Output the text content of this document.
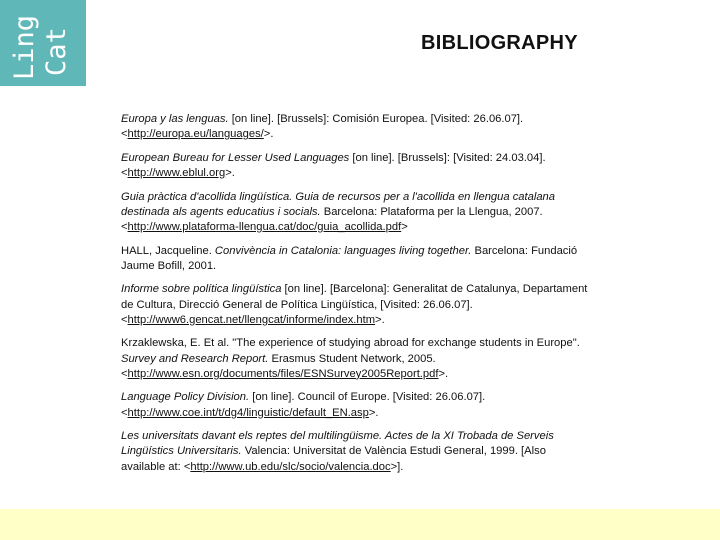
Ling Cat	BIBLIOGRAPHY

Europa y las lenguas. [on line]. [Brussels]: Comisión Europea. [Visited: 26.06.07].
<http://europa.eu/languages/>.

European Bureau for Lesser Used Languages [on line]. [Brussels]: [Visited: 24.03.04].
<http://www.eblul.org>.

Guia pràctica d'acollida lingüística. Guia de recursos per a l'acollida en llengua catalana destinada als agents educatius i socials. Barcelona: Plataforma per la Llengua, 2007.
<http://www.plataforma-llengua.cat/doc/guia_acollida.pdf>

HALL, Jacqueline. Convivència in Catalonia: languages living together. Barcelona: Fundació Jaume Bofill, 2001.

Informe sobre política lingüística [on line]. [Barcelona]: Generalitat de Catalunya, Departament de Cultura, Direcció General de Política Lingüística, [Visited: 26.06.07].
<http://www6.gencat.net/llengcat/informe/index.htm>.

Krzaklewska, E. Et al. "The experience of studying abroad for exchange students in Europe". Survey and Research Report. Erasmus Student Network, 2005.
<http://www.esn.org/documents/files/ESNSurvey2005Report.pdf>.

Language Policy Division. [on line]. Council of Europe. [Visited: 26.06.07].
<http://www.coe.int/t/dg4/linguistic/default_EN.asp>.

Les universitats davant els reptes del multilingüisme. Actes de la XI Trobada de Serveis Lingüístics Universitaris. Valencia: Universitat de València Estudi General, 1999. [Also available at: <http://www.ub.edu/slc/socio/valencia.doc>].
